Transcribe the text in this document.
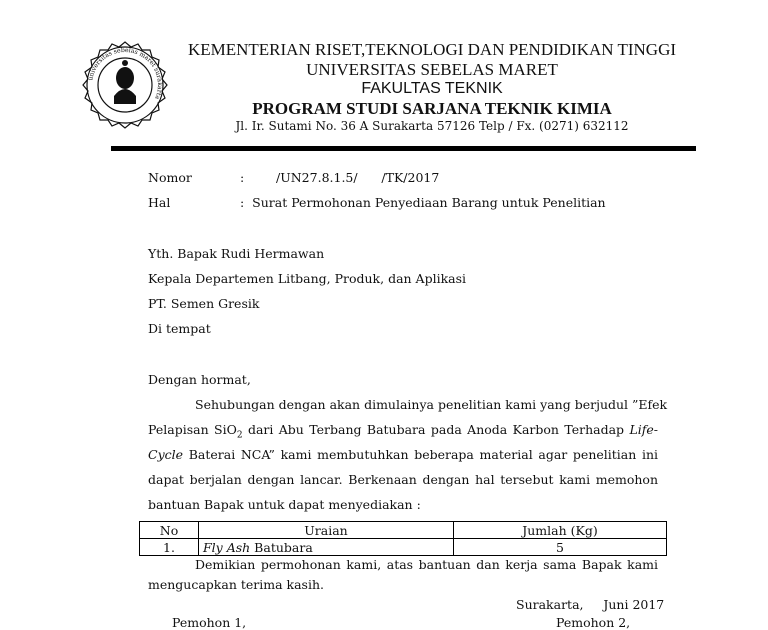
universitas sebelas maret surakarta
KEMENTERIAN RISET,TEKNOLOGI DAN PENDIDIKAN TINGGI
UNIVERSITAS SEBELAS MARET
FAKULTAS TEKNIK
PROGRAM STUDI SARJANA TEKNIK KIMIA
Jl. Ir. Sutami No. 36 A Surakarta 57126 Telp / Fx. (0271) 632112
Nomor	:	/UN27.8.1.5/      /TK/2017
Hal	:  Surat Permohonan Penyediaan Barang untuk Penelitian
Yth. Bapak Rudi Hermawan
Kepala Departemen Litbang, Produk, dan Aplikasi
PT. Semen Gresik
Di tempat
Dengan hormat,
Sehubungan dengan akan dimulainya penelitian kami yang berjudul ”Efek
Pelapisan SiO$_2$ dari Abu Terbang Batubara pada Anoda Karbon Terhadap Life-
Cycle Baterai NCA” kami membutuhkan beberapa material agar penelitian ini
dapat berjalan dengan lancar. Berkenaan dengan hal tersebut kami memohon
bantuan Bapak untuk dapat menyediakan :
No	Uraian	Jumlah (Kg)
1.	Fly Ash Batubara	5
Demikian permohonan kami, atas bantuan dan kerja sama Bapak kami
mengucapkan terima kasih.
Surakarta,     Juni 2017
Pemohon 1,	Pemohon 2,
